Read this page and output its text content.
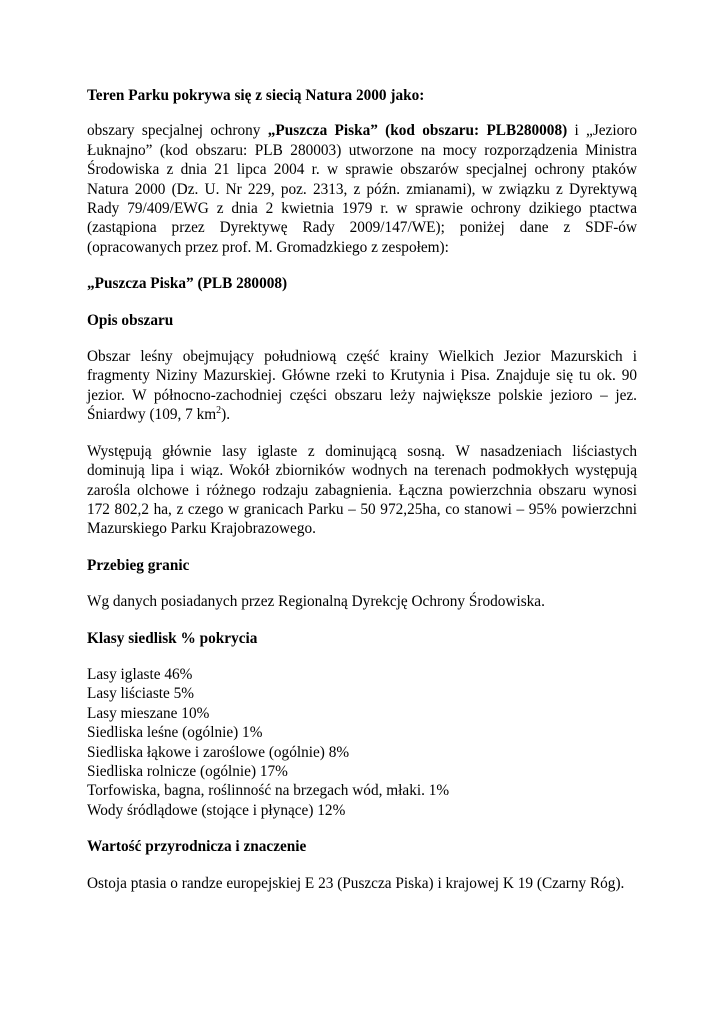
Teren Parku pokrywa się z siecią Natura 2000 jako:

obszary specjalnej ochrony „Puszcza Piska” (kod obszaru: PLB280008) i „Jezioro Łuknajno” (kod obszaru: PLB 280003) utworzone na mocy rozporządzenia Ministra Środowiska z dnia 21 lipca 2004 r. w sprawie obszarów specjalnej ochrony ptaków Natura 2000 (Dz. U. Nr 229, poz. 2313, z późn. zmianami), w związku z Dyrektywą Rady 79/409/EWG z dnia 2 kwietnia 1979 r. w sprawie ochrony dzikiego ptactwa (zastąpiona przez Dyrektywę Rady 2009/147/WE); poniżej dane z SDF-ów (opracowanych przez prof. M. Gromadzkiego z zespołem):

„Puszcza Piska” (PLB 280008)

Opis obszaru

Obszar leśny obejmujący południową część krainy Wielkich Jezior Mazurskich i fragmenty Niziny Mazurskiej. Główne rzeki to Krutynia i Pisa. Znajduje się tu ok. 90 jezior. W północno-zachodniej części obszaru leży największe polskie jezioro – jez. Śniardwy (109, 7 $km^2$).

Występują głównie lasy iglaste z dominującą sosną. W nasadzeniach liściastych dominują lipa i wiąz. Wokół zbiorników wodnych na terenach podmokłych występują zarośla olchowe i różnego rodzaju zabagnienia. Łączna powierzchnia obszaru wynosi 172 802,2 ha, z czego w granicach Parku – 50 972,25ha, co stanowi – 95% powierzchni Mazurskiego Parku Krajobrazowego.

Przebieg granic

Wg danych posiadanych przez Regionalną Dyrekcję Ochrony Środowiska.

Klasy siedlisk % pokrycia

Lasy iglaste 46%

Lasy liściaste 5%

Lasy mieszane 10%

Siedliska leśne (ogólnie) 1%

Siedliska łąkowe i zaroślowe (ogólnie) 8%

Siedliska rolnicze (ogólnie) 17%

Torfowiska, bagna, roślinność na brzegach wód, młaki. 1%

Wody śródlądowe (stojące i płynące) 12%

Wartość przyrodnicza i znaczenie

Ostoja ptasia o randze europejskiej E 23 (Puszcza Piska) i krajowej K 19 (Czarny Róg).
